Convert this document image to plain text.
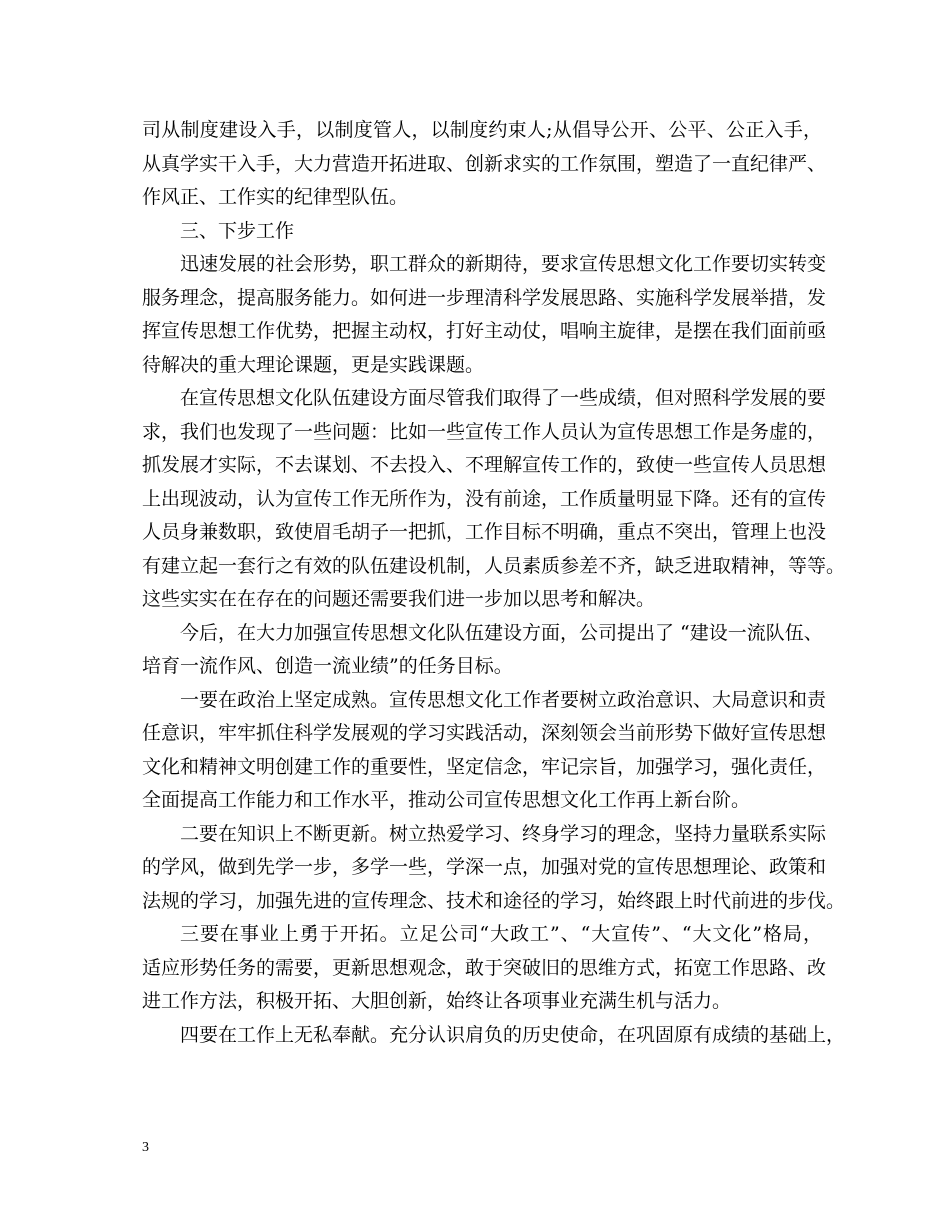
司从制度建设入手，以制度管人，以制度约束人;从倡导公开、公平、公正入手，
从真学实干入手，大力营造开拓进取、创新求实的工作氛围，塑造了一直纪律严、
作风正、工作实的纪律型队伍。
三、下步工作
迅速发展的社会形势，职工群众的新期待，要求宣传思想文化工作要切实转变
服务理念，提高服务能力。如何进一步理清科学发展思路、实施科学发展举措，发
挥宣传思想工作优势，把握主动权，打好主动仗，唱响主旋律，是摆在我们面前亟
待解决的重大理论课题，更是实践课题。
在宣传思想文化队伍建设方面尽管我们取得了一些成绩，但对照科学发展的要
求，我们也发现了一些问题：比如一些宣传工作人员认为宣传思想工作是务虚的，
抓发展才实际，不去谋划、不去投入、不理解宣传工作的，致使一些宣传人员思想
上出现波动，认为宣传工作无所作为，没有前途，工作质量明显下降。还有的宣传
人员身兼数职，致使眉毛胡子一把抓，工作目标不明确，重点不突出，管理上也没
有建立起一套行之有效的队伍建设机制，人员素质参差不齐，缺乏进取精神，等等。
这些实实在在存在的问题还需要我们进一步加以思考和解决。
今后，在大力加强宣传思想文化队伍建设方面，公司提出了 “建设一流队伍、
培育一流作风、创造一流业绩”的任务目标。
一要在政治上坚定成熟。宣传思想文化工作者要树立政治意识、大局意识和责
任意识，牢牢抓住科学发展观的学习实践活动，深刻领会当前形势下做好宣传思想
文化和精神文明创建工作的重要性，坚定信念，牢记宗旨，加强学习，强化责任，
全面提高工作能力和工作水平，推动公司宣传思想文化工作再上新台阶。
二要在知识上不断更新。树立热爱学习、终身学习的理念，坚持力量联系实际
的学风，做到先学一步，多学一些，学深一点，加强对党的宣传思想理论、政策和
法规的学习，加强先进的宣传理念、技术和途径的学习，始终跟上时代前进的步伐。
三要在事业上勇于开拓。立足公司“大政工”、“大宣传”、“大文化”格局，
适应形势任务的需要，更新思想观念，敢于突破旧的思维方式，拓宽工作思路、改
进工作方法，积极开拓、大胆创新，始终让各项事业充满生机与活力。
四要在工作上无私奉献。充分认识肩负的历史使命，在巩固原有成绩的基础上，
3
